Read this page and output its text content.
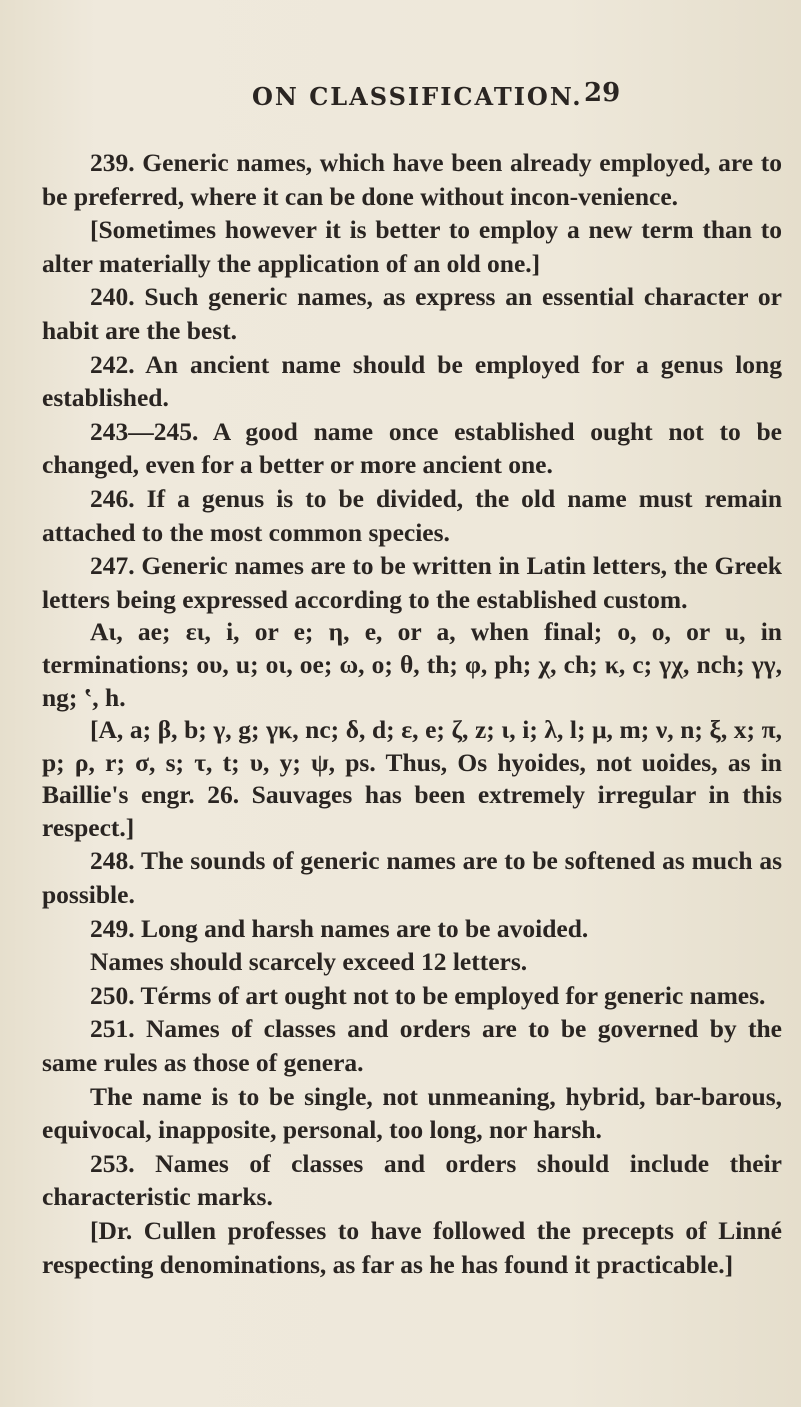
ON CLASSIFICATION. 29

239. Generic names, which have been already employed, are to be preferred, where it can be done without incon-venience.

[Sometimes however it is better to employ a new term than to alter materially the application of an old one.]

240. Such generic names, as express an essential character or habit are the best.

242. An ancient name should be employed for a genus long established.

243—245. A good name once established ought not to be changed, even for a better or more ancient one.

246. If a genus is to be divided, the old name must remain attached to the most common species.

247. Generic names are to be written in Latin letters, the Greek letters being expressed according to the established custom.

Αι, ae; ει, i, or e; η, e, or a, when final; ο, o, or u, in terminations; ου, u; οι, oe; ω, o; θ, th; φ, ph; χ, ch; κ, c; γχ, nch; γγ, ng; ʽ, h.

[A, a; β, b; γ, g; γκ, nc; δ, d; ε, e; ζ, z; ι, i; λ, l; μ, m; ν, n; ξ, x; π, p; ρ, r; σ, s; τ, t; υ, y; ψ, ps. Thus, Os hyoides, not uoides, as in Baillie's engr. 26. Sauvages has been extremely irregular in this respect.]

248. The sounds of generic names are to be softened as much as possible.

249. Long and harsh names are to be avoided.

Names should scarcely exceed 12 letters.

250. Térms of art ought not to be employed for generic names.

251. Names of classes and orders are to be governed by the same rules as those of genera.

The name is to be single, not unmeaning, hybrid, bar-barous, equivocal, inapposite, personal, too long, nor harsh.

253. Names of classes and orders should include their characteristic marks.

[Dr. Cullen professes to have followed the precepts of Linné respecting denominations, as far as he has found it practicable.]
